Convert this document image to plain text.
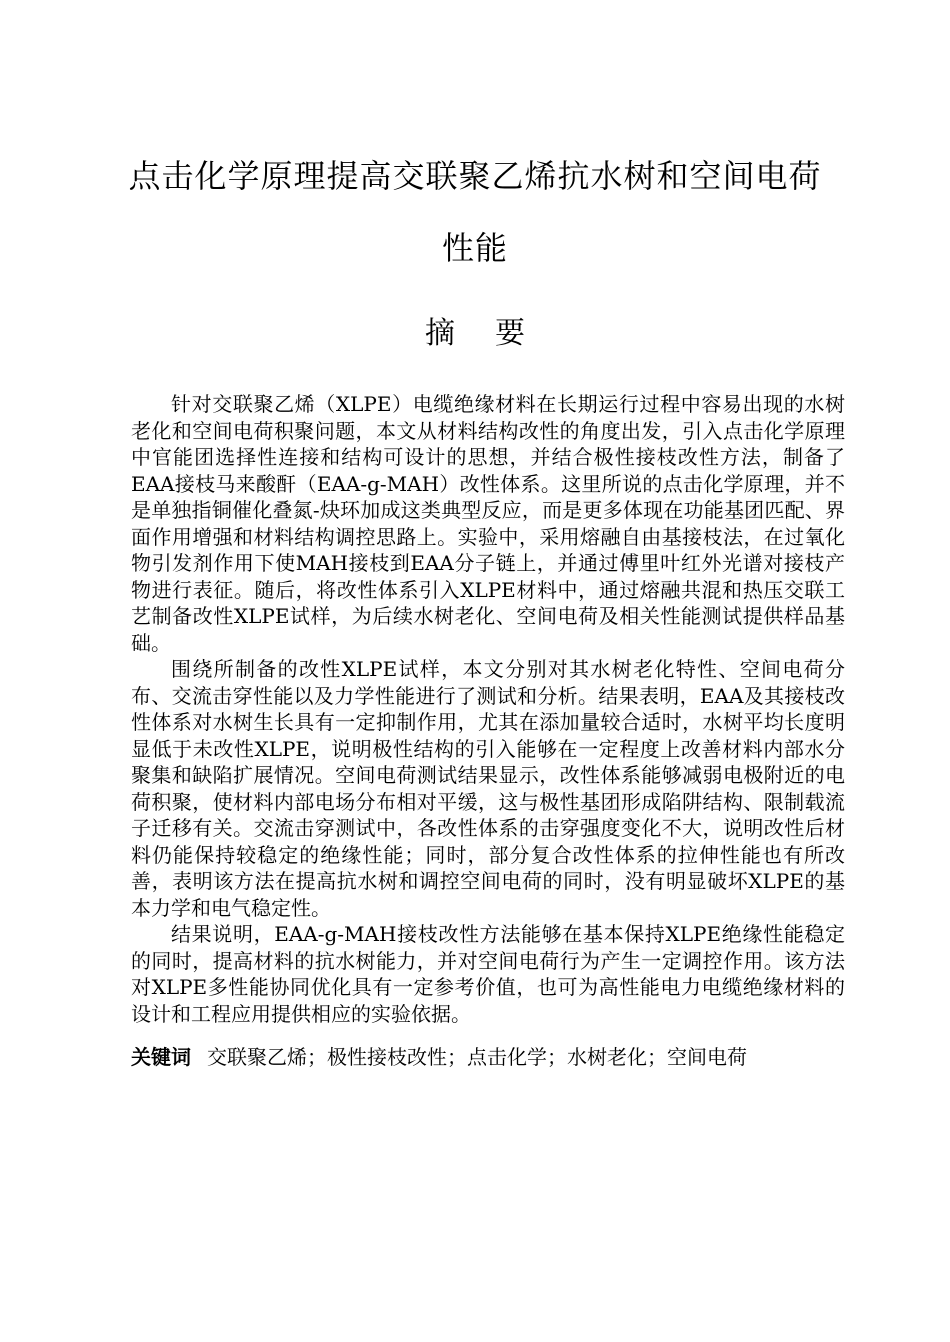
点击化学原理提高交联聚乙烯抗水树和空间电荷
性能
摘要

针对交联聚乙烯（XLPE）电缆绝缘材料在长期运行过程中容易出现的水树老化和空间电荷积聚问题，本文从材料结构改性的角度出发，引入点击化学原理中官能团选择性连接和结构可设计的思想，并结合极性接枝改性方法，制备了EAA接枝马来酸酐（EAA-g-MAH）改性体系。这里所说的点击化学原理，并不是单独指铜催化叠氮-炔环加成这类典型反应，而是更多体现在功能基团匹配、界面作用增强和材料结构调控思路上。实验中，采用熔融自由基接枝法，在过氧化物引发剂作用下使MAH接枝到EAA分子链上，并通过傅里叶红外光谱对接枝产物进行表征。随后，将改性体系引入XLPE材料中，通过熔融共混和热压交联工艺制备改性XLPE试样，为后续水树老化、空间电荷及相关性能测试提供样品基础。

围绕所制备的改性XLPE试样，本文分别对其水树老化特性、空间电荷分布、交流击穿性能以及力学性能进行了测试和分析。结果表明，EAA及其接枝改性体系对水树生长具有一定抑制作用，尤其在添加量较合适时，水树平均长度明显低于未改性XLPE，说明极性结构的引入能够在一定程度上改善材料内部水分聚集和缺陷扩展情况。空间电荷测试结果显示，改性体系能够减弱电极附近的电荷积聚，使材料内部电场分布相对平缓，这与极性基团形成陷阱结构、限制载流子迁移有关。交流击穿测试中，各改性体系的击穿强度变化不大，说明改性后材料仍能保持较稳定的绝缘性能；同时，部分复合改性体系的拉伸性能也有所改善，表明该方法在提高抗水树和调控空间电荷的同时，没有明显破坏XLPE的基本力学和电气稳定性。

结果说明，EAA-g-MAH接枝改性方法能够在基本保持XLPE绝缘性能稳定的同时，提高材料的抗水树能力，并对空间电荷行为产生一定调控作用。该方法对XLPE多性能协同优化具有一定参考价值，也可为高性能电力电缆绝缘材料的设计和工程应用提供相应的实验依据。

关键词 交联聚乙烯；极性接枝改性；点击化学；水树老化；空间电荷
